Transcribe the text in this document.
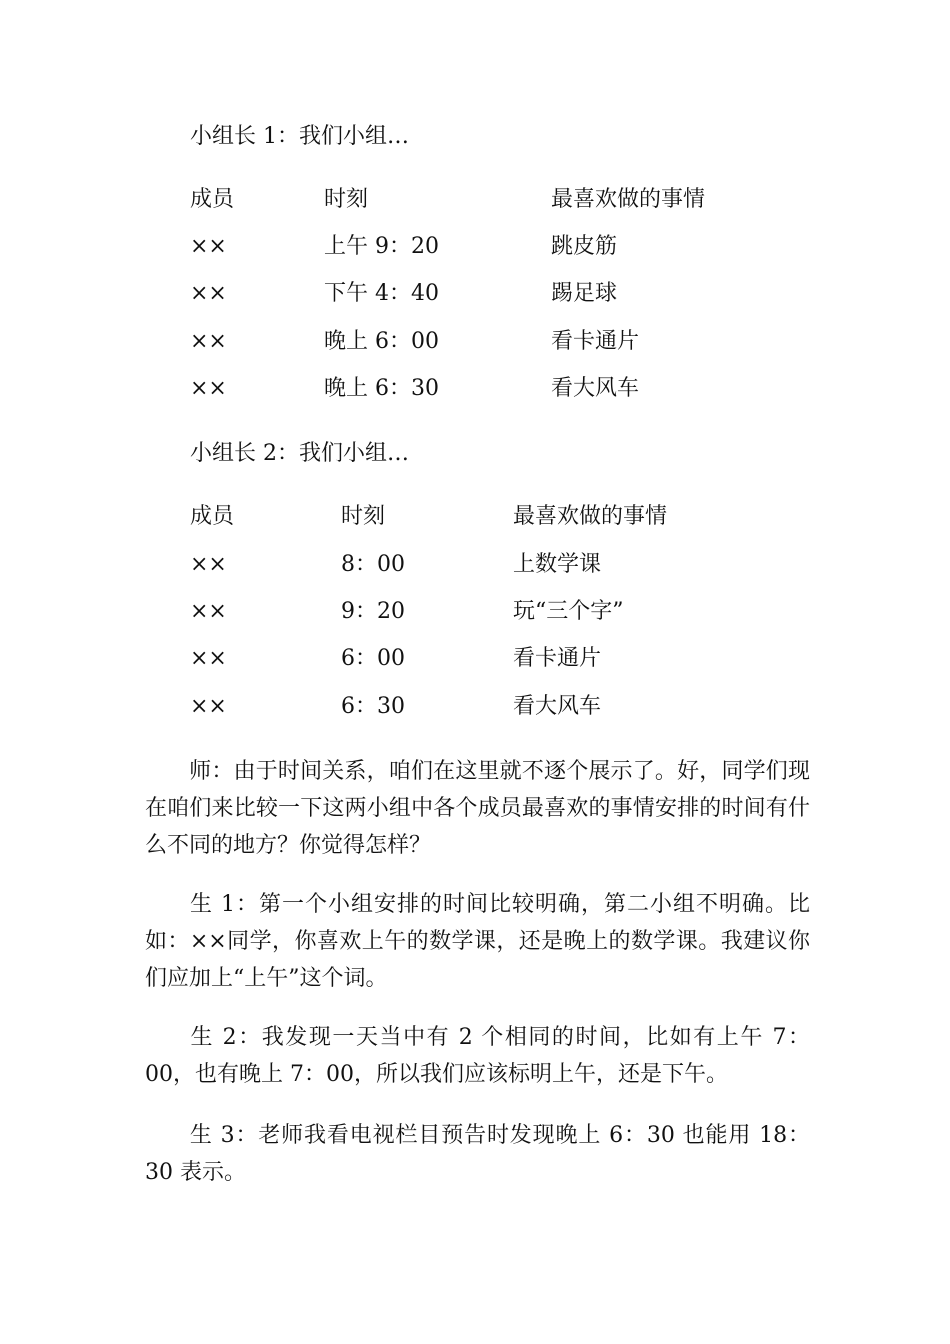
小组长 1：我们小组…
成员	时刻	最喜欢做的事情
××	上午 9：20	跳皮筋
××	下午 4：40	踢足球
××	晚上 6：00	看卡通片
××	晚上 6：30	看大风车
小组长 2：我们小组…
成员	时刻	最喜欢做的事情
××	8：00	上数学课
××	9：20	玩“三个字”
××	6：00	看卡通片
××	6：30	看大风车
师：由于时间关系，咱们在这里就不逐个展示了。好，同学们现在咱们来比较一下这两小组中各个成员最喜欢的事情安排的时间有什么不同的地方？你觉得怎样？
生 1：第一个小组安排的时间比较明确，第二小组不明确。比如：××同学，你喜欢上午的数学课，还是晚上的数学课。我建议你们应加上“上午”这个词。
生 2：我发现一天当中有 2 个相同的时间，比如有上午 7：00，也有晚上 7：00，所以我们应该标明上午，还是下午。
生 3：老师我看电视栏目预告时发现晚上 6：30 也能用 18：30 表示。
